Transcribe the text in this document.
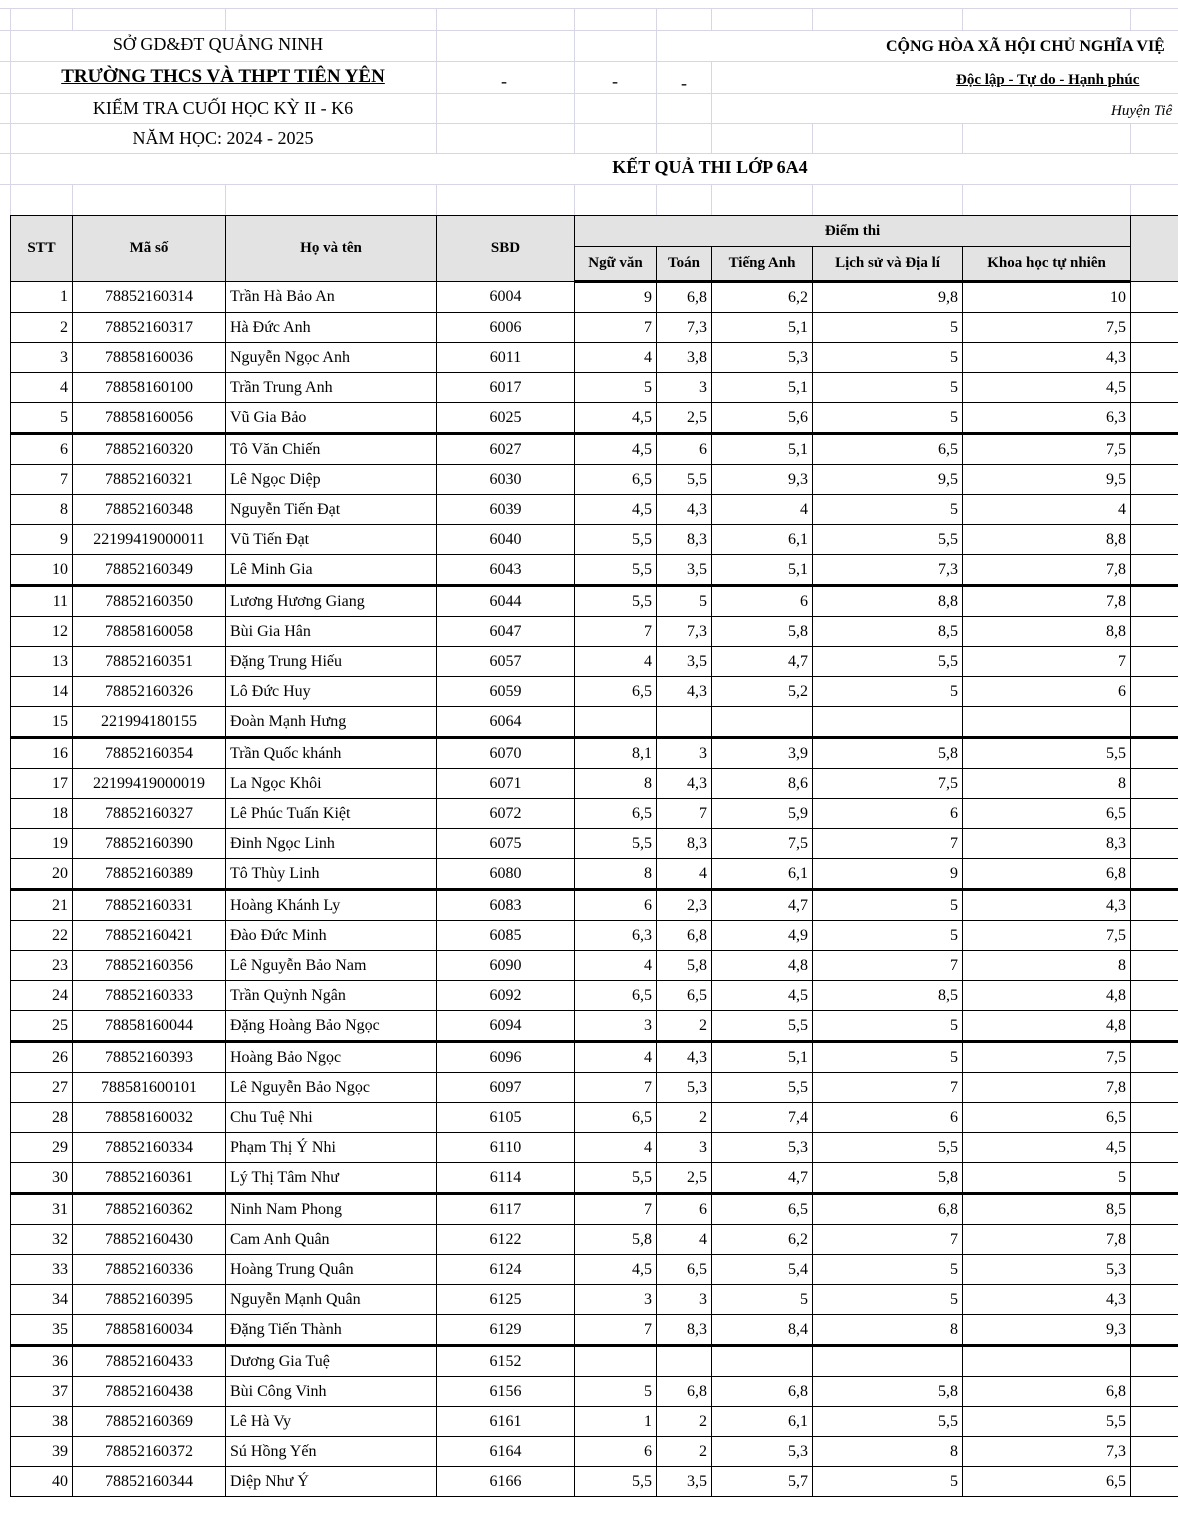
SỞ GD&ĐT QUẢNG NINH
TRƯỜNG THCS VÀ THPT TIÊN YÊN
KIỂM TRA CUỐI HỌC KỲ II - K6
NĂM HỌC: 2024 - 2025
-	-	-
CỘNG HÒA XÃ HỘI CHỦ NGHĨA VIỆ
Độc lập - Tự do - Hạnh phúc
Huyện Tiê
KẾT QUẢ THI LỚP 6A4
STT	Mã số	Họ và tên	SBD	Điểm thi					
				Ngữ văn	Toán	Tiếng Anh	Lịch sử và Địa lí	Khoa học tự nhiên	
1	78852160314	Trần Hà Bảo An	6004	9	6,8	6,2	9,8	10	
2	78852160317	Hà Đức Anh	6006	7	7,3	5,1	5	7,5	
3	78858160036	Nguyễn Ngọc Anh	6011	4	3,8	5,3	5	4,3	
4	78858160100	Trần Trung Anh	6017	5	3	5,1	5	4,5	
5	78858160056	Vũ Gia Bảo	6025	4,5	2,5	5,6	5	6,3	
6	78852160320	Tô Văn Chiến	6027	4,5	6	5,1	6,5	7,5	
7	78852160321	Lê Ngọc Diệp	6030	6,5	5,5	9,3	9,5	9,5	
8	78852160348	Nguyễn Tiến Đạt	6039	4,5	4,3	4	5	4	
9	22199419000011	Vũ Tiến Đạt	6040	5,5	8,3	6,1	5,5	8,8	
10	78852160349	Lê Minh Gia	6043	5,5	3,5	5,1	7,3	7,8	
11	78852160350	Lương Hương Giang	6044	5,5	5	6	8,8	7,8	
12	78858160058	Bùi Gia Hân	6047	7	7,3	5,8	8,5	8,8	
13	78852160351	Đặng Trung Hiếu	6057	4	3,5	4,7	5,5	7	
14	78852160326	Lô Đức Huy	6059	6,5	4,3	5,2	5	6	
15	221994180155	Đoàn Mạnh Hưng	6064						
16	78852160354	Trần Quốc khánh	6070	8,1	3	3,9	5,8	5,5	
17	22199419000019	La Ngọc Khôi	6071	8	4,3	8,6	7,5	8	
18	78852160327	Lê Phúc Tuấn Kiệt	6072	6,5	7	5,9	6	6,5	
19	78852160390	Đinh Ngọc Linh	6075	5,5	8,3	7,5	7	8,3	
20	78852160389	Tô Thùy Linh	6080	8	4	6,1	9	6,8	
21	78852160331	Hoàng Khánh Ly	6083	6	2,3	4,7	5	4,3	
22	78852160421	Đào Đức Minh	6085	6,3	6,8	4,9	5	7,5	
23	78852160356	Lê Nguyễn Bảo Nam	6090	4	5,8	4,8	7	8	
24	78852160333	Trần Quỳnh Ngân	6092	6,5	6,5	4,5	8,5	4,8	
25	78858160044	Đặng Hoàng Bảo Ngọc	6094	3	2	5,5	5	4,8	
26	78852160393	Hoàng Bảo Ngọc	6096	4	4,3	5,1	5	7,5	
27	788581600101	Lê Nguyễn Bảo Ngọc	6097	7	5,3	5,5	7	7,8	
28	78858160032	Chu Tuệ Nhi	6105	6,5	2	7,4	6	6,5	
29	78852160334	Phạm Thị Ý Nhi	6110	4	3	5,3	5,5	4,5	
30	78852160361	Lý Thị Tâm Như	6114	5,5	2,5	4,7	5,8	5	
31	78852160362	Ninh Nam Phong	6117	7	6	6,5	6,8	8,5	
32	78852160430	Cam Anh Quân	6122	5,8	4	6,2	7	7,8	
33	78852160336	Hoàng Trung Quân	6124	4,5	6,5	5,4	5	5,3	
34	78852160395	Nguyễn Mạnh Quân	6125	3	3	5	5	4,3	
35	78858160034	Đặng Tiến Thành	6129	7	8,3	8,4	8	9,3	
36	78852160433	Dương Gia Tuệ	6152						
37	78852160438	Bùi Công Vinh	6156	5	6,8	6,8	5,8	6,8	
38	78852160369	Lê Hà Vy	6161	1	2	6,1	5,5	5,5	
39	78852160372	Sú Hồng Yến	6164	6	2	5,3	8	7,3	
40	78852160344	Diệp Như Ý	6166	5,5	3,5	5,7	5	6,5	
